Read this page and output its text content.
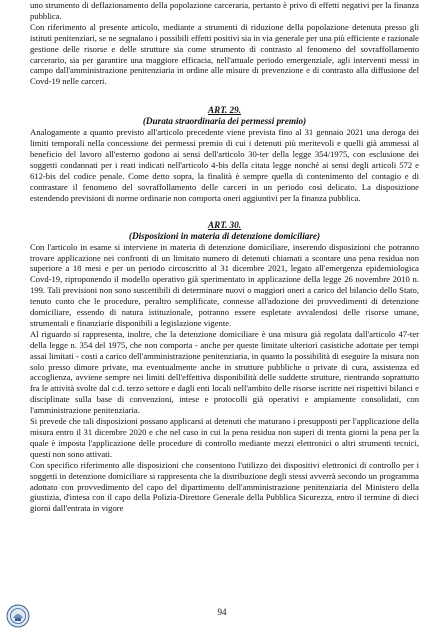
uno strumento di deflazionamento della popolazione carceraria, pertanto è privo di effetti negativi per la finanza pubblica.

Con riferimento al presente articolo, mediante a strumenti di riduzione della popolazione detenuta presso gli istituti penitenziari, se ne segnalano i possibili effetti positivi sia in via generale per una più efficiente e razionale gestione delle risorse e delle strutture sia come strumento di contrasto al fenomeno del sovraffollamento carcerario, sia per garantire una maggiore efficacia, nell'attuale periodo emergenziale, agli interventi messi in campo dall'amministrazione penitenziaria in ordine alle misure di prevenzione e di contrasto alla diffusione del Covd-19 nelle carceri.

ART. 29.
(Durata straordinaria dei permessi premio)

Analogamente a quanto previsto all'articolo precedente viene prevista fino al 31 gennaio 2021 una deroga dei limiti temporali nella concessione dei permessi premio di cui i detenuti più meritevoli e quelli già ammessi al beneficio del lavoro all'esterno godono ai sensi dell'articolo 30-ter della legge 354/1975, con esclusione dei soggetti condannati per i reati indicati nell'articolo 4-bis della citata legge nonché ai sensi degli articoli 572 e 612-bis del codice penale. Come detto sopra, la finalità è sempre quella di contenimento del contagio e di contrastare il fenomeno del sovraffollamento delle carceri in un periodo così delicato. La disposizione estendendo previsioni di norme ordinarie non comporta oneri aggiuntivi per la finanza pubblica.

ART. 30.
(Disposizioni in materia di detenzione domiciliare)

Con l'articolo in esame si interviene in materia di detenzione domiciliare, inserendo disposizioni che potranno trovare applicazione nei confronti di un limitato numero di detenuti chiamati a scontare una pena residua non superiore a 18 mesi e per un periodo circoscritto al 31 dicembre 2021, legato all'emergenza epidemiologica Covd-19, riproponendo il modello operativo già sperimentato in applicazione della legge 26 novembre 2010 n. 199. Tali previsioni non sono suscettibili di determinare nuovi o maggiori oneri a carico del bilancio dello Stato, tenuto conto che le procedure, peraltro semplificate, connesse all'adozione dei provvedimenti di detenzione domiciliare, essendo di natura istituzionale, potranno essere espletate avvalendosi delle risorse umane, strumentali e finanziarie disponibili a legislazione vigente.

Al riguardo si rappresenta, inoltre, che la detenzione domiciliare è una misura già regolata dall'articolo 47-ter della legge n. 354 del 1975, che non comporta - anche per queste limitate ulteriori casistiche adottate per tempi assai limitati - costi a carico dell'amministrazione penitenziaria, in quanto la possibilità di eseguire la misura non solo presso dimore private, ma eventualmente anche in strutture pubbliche o private di cura, assistenza ed accoglienza, avviene sempre nei limiti dell'effettiva disponibilità delle suddette strutture, rientrando soprattutto fra le attività svolte dal c.d. terzo settore e dagli enti locali nell'ambito delle risorse iscritte nei rispettivi bilanci e disciplinate sulla base di convenzioni, intese e protocolli già operativi e ampiamente consolidati, con l'amministrazione penitenziaria.

Si prevede che tali disposizioni possano applicarsi ai detenuti che maturano i presupposti per l'applicazione della misura entro il 31 dicembre 2020 e che nel caso in cui la pena residua non superi di trenta giorni la pena per la quale è imposta l'applicazione delle procedure di controllo mediante mezzi elettronici o altri strumenti tecnici, questi non sono attivati.

Con specifico riferimento alle disposizioni che consentono l'utilizzo dei dispositivi elettronici di controllo per i soggetti in detenzione domiciliare si rappresenta che la distribuzione degli stessi avverrà secondo un programma adottato con provvedimento del capo del dipartimento dell'amministrazione penitenziaria del Ministero della giustizia, d'intesa con il capo della Polizia-Direttore Generale della Pubblica Sicurezza, entro il termine di dieci giorni dall'entrata in vigore

94
